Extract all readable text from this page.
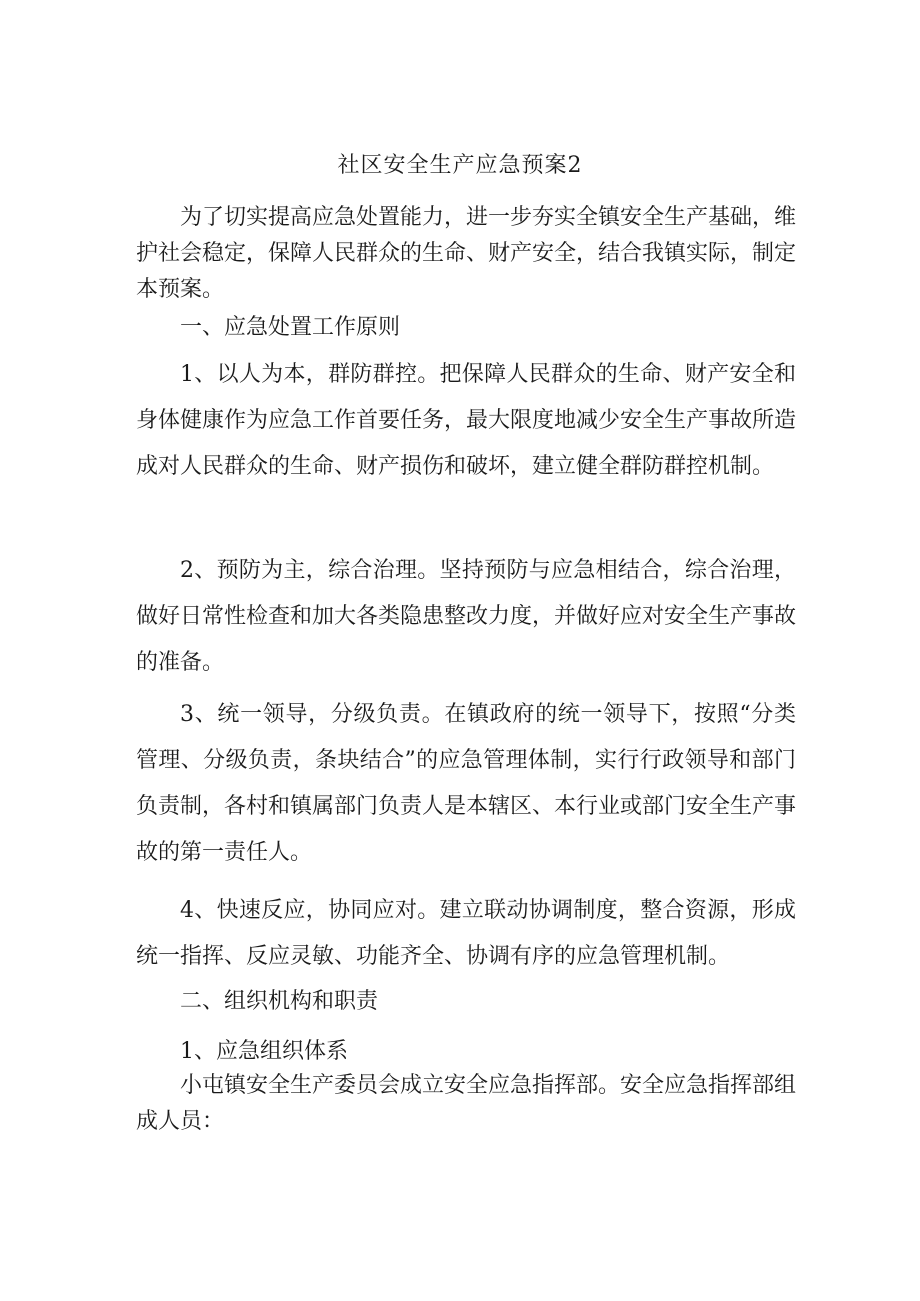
社区安全生产应急预案2

为了切实提高应急处置能力，进一步夯实全镇安全生产基础，维护社会稳定，保障人民群众的生命、财产安全，结合我镇实际，制定本预案。

一、应急处置工作原则

1、以人为本，群防群控。把保障人民群众的生命、财产安全和身体健康作为应急工作首要任务，最大限度地减少安全生产事故所造成对人民群众的生命、财产损伤和破坏，建立健全群防群控机制。

2、预防为主，综合治理。坚持预防与应急相结合，综合治理，做好日常性检查和加大各类隐患整改力度，并做好应对安全生产事故的准备。

3、统一领导，分级负责。在镇政府的统一领导下，按照“分类管理、分级负责，条块结合”的应急管理体制，实行行政领导和部门负责制，各村和镇属部门负责人是本辖区、本行业或部门安全生产事故的第一责任人。

4、快速反应，协同应对。建立联动协调制度，整合资源，形成统一指挥、反应灵敏、功能齐全、协调有序的应急管理机制。

二、组织机构和职责

1、应急组织体系

小屯镇安全生产委员会成立安全应急指挥部。安全应急指挥部组成人员：
